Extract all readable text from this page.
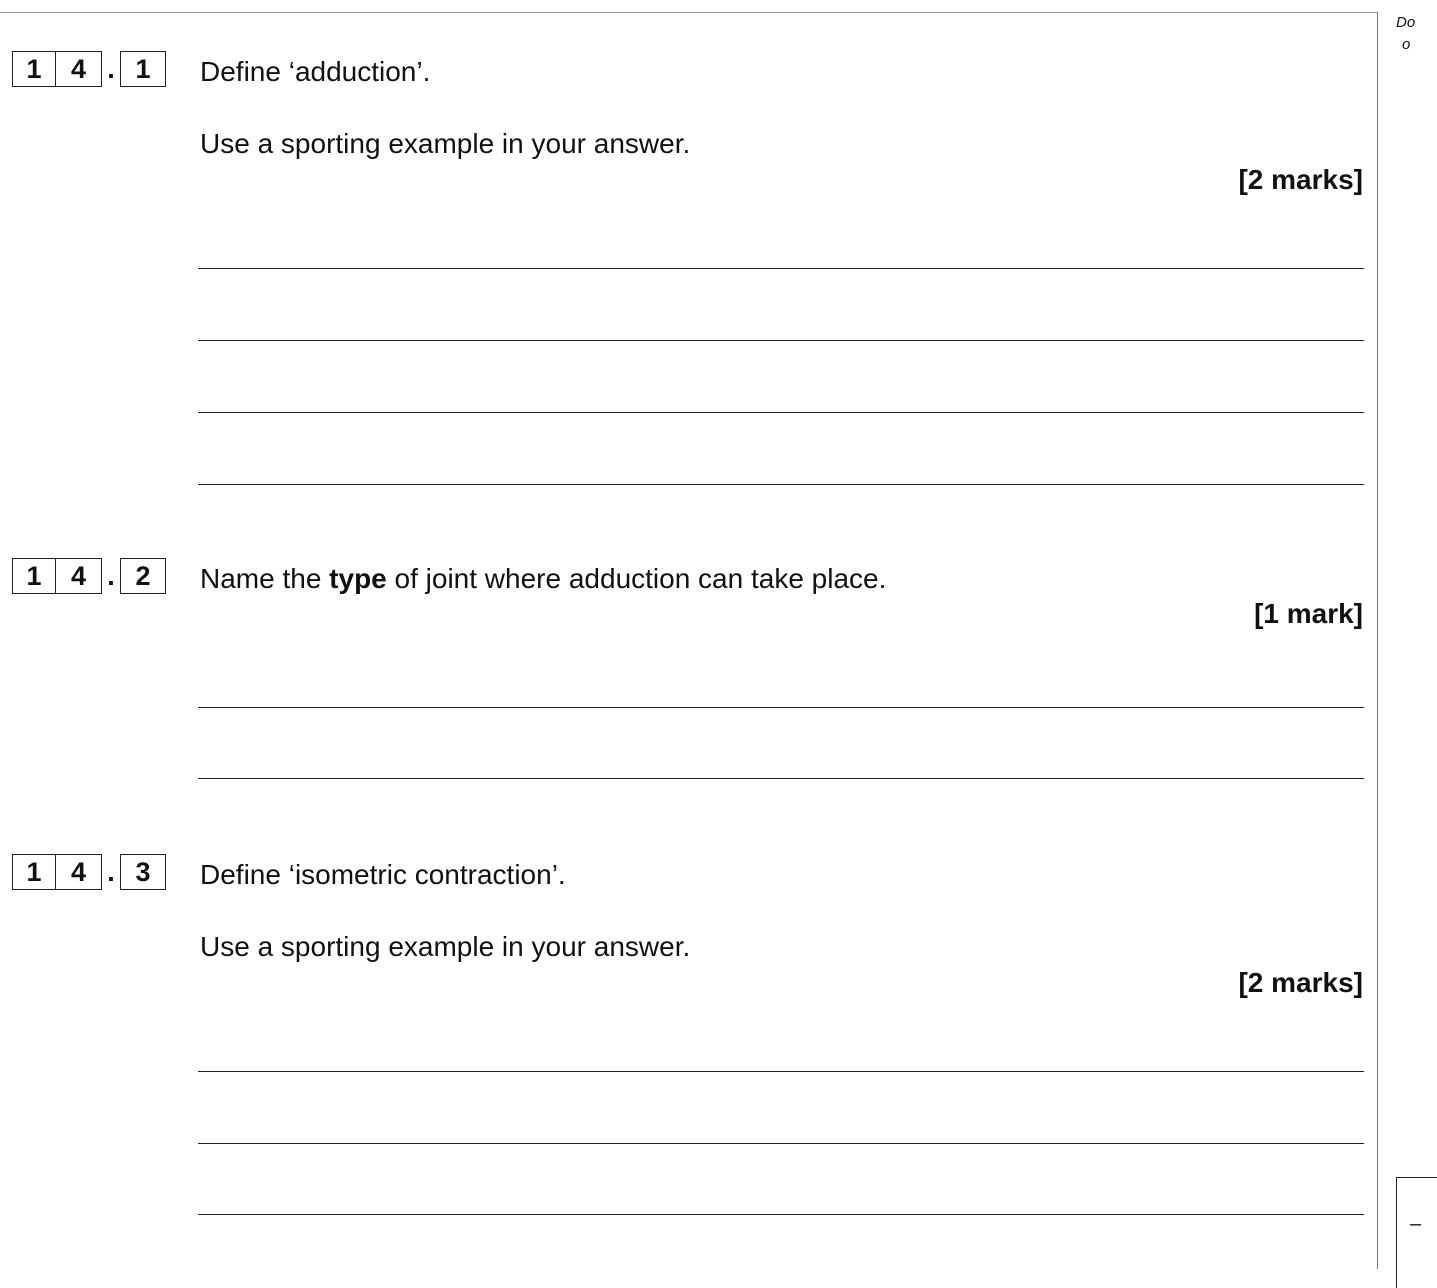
Do
o
–
1	4 . 1	Define ‘adduction’.
Use a sporting example in your answer.
[2 marks]
1	4 . 2	Name the type of joint where adduction can take place.
[1 mark]
1	4 . 3	Define ‘isometric contraction’.
Use a sporting example in your answer.
[2 marks]
